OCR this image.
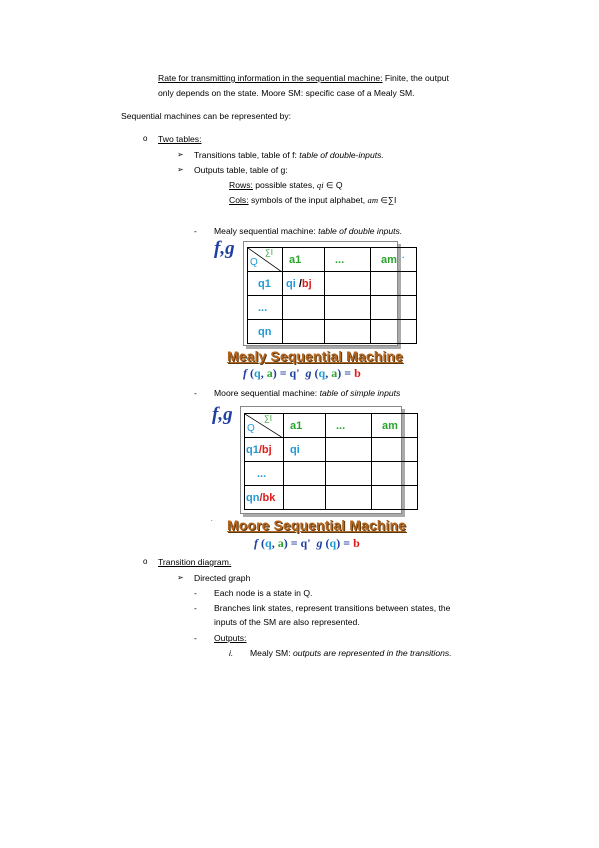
Rate for transmitting information in the sequential machine: Finite, the output
only depends on the state. Moore SM: specific case of a Mealy SM.
Sequential machines can be represented by:
o Two tables:
➢ Transitions table, table of f: table of double-inputs.
➢ Outputs table, table of g:
Rows: possible states, qi ∈ Q
Cols: symbols of the input alphabet, am ∈∑I
- Mealy sequential machine: table of double inputs.
f,g
Q
∑I	a1	...	am
q1	qi /bj		
...			
qn			
.
Mealy Sequential Machine
f (q, a) = q' g (q, a) = b
- Moore sequential machine: table of simple inputs
f,g
Q
∑I	a1	...	am
q1/bj	qi		
...			
qn/bk			
. Moore Sequential Machine
f (q, a) = q' g (q) = b
o Transition diagram.
➢ Directed graph
- Each node is a state in Q.
- Branches link states, represent transitions between states, the
inputs of the SM are also represented.
- Outputs:
i. Mealy SM: outputs are represented in the transitions.
